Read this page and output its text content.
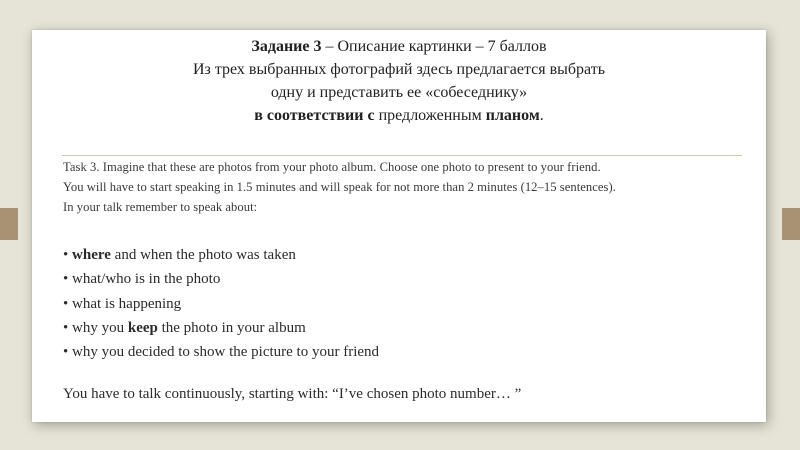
Задание 3 – Описание картинки – 7 баллов
Из трех выбранных фотографий здесь предлагается выбрать
одну и представить ее «собеседнику»
в соответствии с предложенным планом.
Task 3. Imagine that these are photos from your photo album. Choose one photo to present to your friend.
You will have to start speaking in 1.5 minutes and will speak for not more than 2 minutes (12–15 sentences).
In your talk remember to speak about:
• where and when the photo was taken
• what/who is in the photo
• what is happening
• why you keep the photo in your album
• why you decided to show the picture to your friend
You have to talk continuously, starting with: “I’ve chosen photo number… ”
